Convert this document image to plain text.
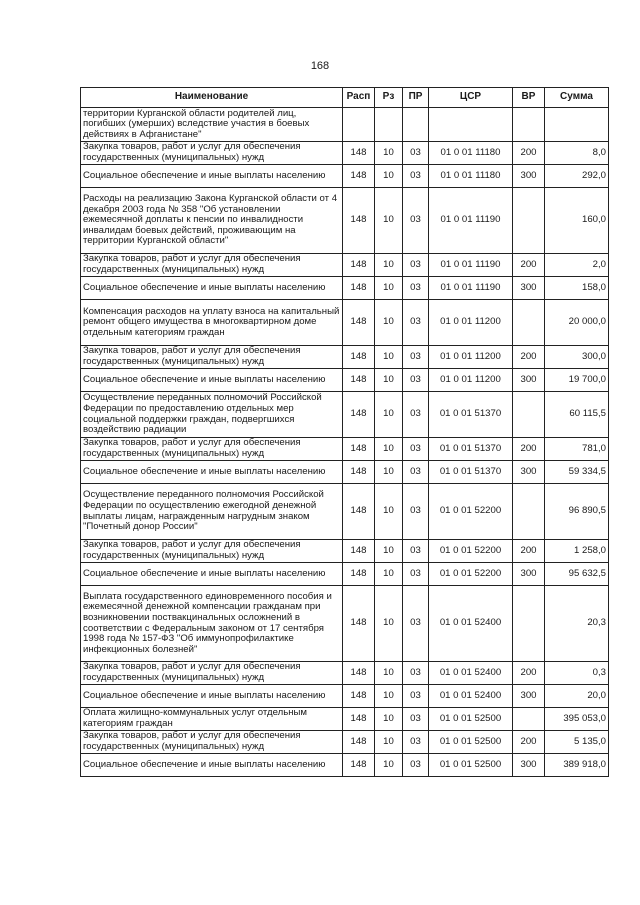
168
Наименование	Расп	Рз	ПР	ЦСР	ВР	Сумма
территории Курганской области родителей лиц, погибших (умерших) вследствие участия в боевых действиях в Афганистане"						
Закупка товаров, работ и услуг для обеспечения государственных (муниципальных) нужд	148	10	03	01 0 01 11180	200	8,0
Социальное обеспечение и иные выплаты населению	148	10	03	01 0 01 11180	300	292,0
Расходы на реализацию Закона Курганской области от 4 декабря 2003 года № 358 "Об установлении ежемесячной доплаты к пенсии по инвалидности инвалидам боевых действий, проживающим на территории Курганской области"	148	10	03	01 0 01 11190		160,0
Закупка товаров, работ и услуг для обеспечения государственных (муниципальных) нужд	148	10	03	01 0 01 11190	200	2,0
Социальное обеспечение и иные выплаты населению	148	10	03	01 0 01 11190	300	158,0
Компенсация расходов на уплату взноса на капитальный ремонт общего имущества в многоквартирном доме отдельным категориям граждан	148	10	03	01 0 01 11200		20 000,0
Закупка товаров, работ и услуг для обеспечения государственных (муниципальных) нужд	148	10	03	01 0 01 11200	200	300,0
Социальное обеспечение и иные выплаты населению	148	10	03	01 0 01 11200	300	19 700,0
Осуществление переданных полномочий Российской Федерации по предоставлению отдельных мер социальной поддержки граждан, подвергшихся воздействию радиации	148	10	03	01 0 01 51370		60 115,5
Закупка товаров, работ и услуг для обеспечения государственных (муниципальных) нужд	148	10	03	01 0 01 51370	200	781,0
Социальное обеспечение и иные выплаты населению	148	10	03	01 0 01 51370	300	59 334,5
Осуществление переданного полномочия Российской Федерации по осуществлению ежегодной денежной выплаты лицам, награжденным нагрудным знаком "Почетный донор России"	148	10	03	01 0 01 52200		96 890,5
Закупка товаров, работ и услуг для обеспечения государственных (муниципальных) нужд	148	10	03	01 0 01 52200	200	1 258,0
Социальное обеспечение и иные выплаты населению	148	10	03	01 0 01 52200	300	95 632,5
Выплата государственного единовременного пособия и ежемесячной денежной компенсации гражданам при возникновении поствакцинальных осложнений в соответствии с Федеральным законом от 17 сентября 1998 года № 157-ФЗ "Об иммунопрофилактике инфекционных болезней"	148	10	03	01 0 01 52400		20,3
Закупка товаров, работ и услуг для обеспечения государственных (муниципальных) нужд	148	10	03	01 0 01 52400	200	0,3
Социальное обеспечение и иные выплаты населению	148	10	03	01 0 01 52400	300	20,0
Оплата жилищно-коммунальных услуг отдельным категориям граждан	148	10	03	01 0 01 52500		395 053,0
Закупка товаров, работ и услуг для обеспечения государственных (муниципальных) нужд	148	10	03	01 0 01 52500	200	5 135,0
Социальное обеспечение и иные выплаты населению	148	10	03	01 0 01 52500	300	389 918,0
